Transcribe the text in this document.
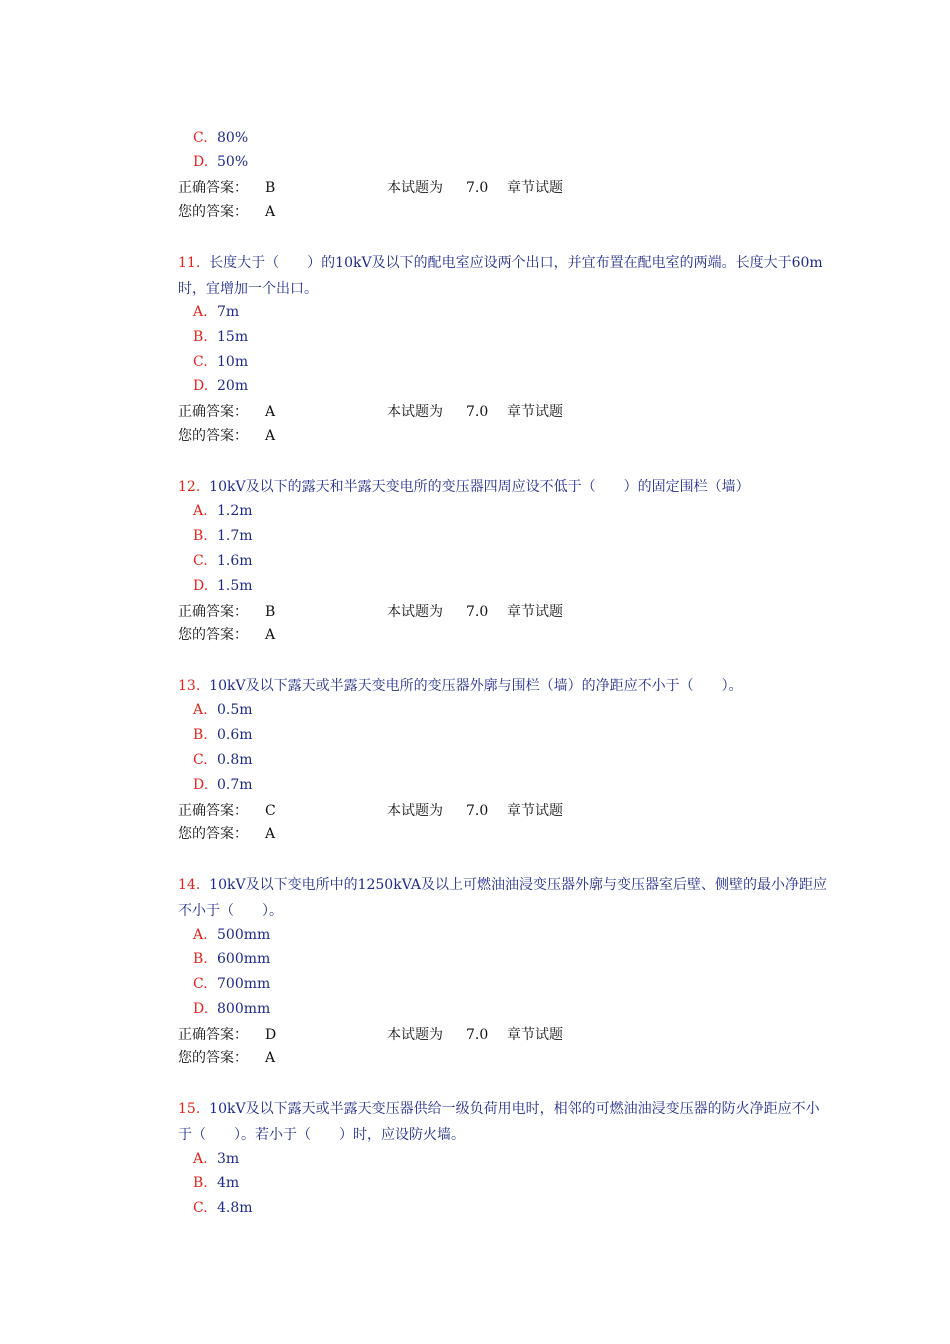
C. 80%
D. 50%
正确答案： B	本试题为 7.0 章节试题
您的答案： A
11. 长度大于（　　）的10kV及以下的配电室应设两个出口，并宜布置在配电室的两端。长度大于60m时，宜增加一个出口。
A. 7m
B. 15m
C. 10m
D. 20m
正确答案： A	本试题为 7.0 章节试题
您的答案： A
12. 10kV及以下的露天和半露天变电所的变压器四周应设不低于（　　）的固定围栏（墙）
A. 1.2m
B. 1.7m
C. 1.6m
D. 1.5m
正确答案： B	本试题为 7.0 章节试题
您的答案： A
13. 10kV及以下露天或半露天变电所的变压器外廓与围栏（墙）的净距应不小于（　　）。
A. 0.5m
B. 0.6m
C. 0.8m
D. 0.7m
正确答案： C	本试题为 7.0 章节试题
您的答案： A
14. 10kV及以下变电所中的1250kVA及以上可燃油油浸变压器外廓与变压器室后壁、侧壁的最小净距应不小于（　　）。
A. 500mm
B. 600mm
C. 700mm
D. 800mm
正确答案： D	本试题为 7.0 章节试题
您的答案： A
15. 10kV及以下露天或半露天变压器供给一级负荷用电时，相邻的可燃油油浸变压器的防火净距应不小于（　　）。若小于（　　）时，应设防火墙。
A. 3m
B. 4m
C. 4.8m
